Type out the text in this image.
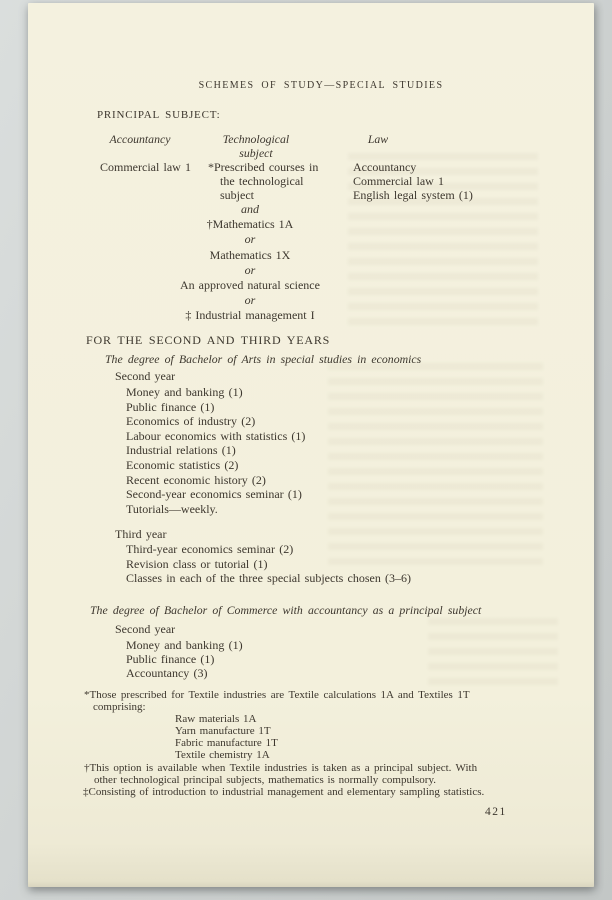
SCHEMES OF STUDY—SPECIAL STUDIES
PRINCIPAL SUBJECT:
Accountancy	Technological
subject
Law
Commercial law 1 *Prescribed courses in
the technological
subject
Accountancy
Commercial law 1
English legal system (1)
and
†Mathematics 1A
or
Mathematics 1X
or
An approved natural science
or
‡ Industrial management I
FOR THE SECOND AND THIRD YEARS
The degree of Bachelor of Arts in special studies in economics
Second year
Money and banking (1)
Public finance (1)
Economics of industry (2)
Labour economics with statistics (1)
Industrial relations (1)
Economic statistics (2)
Recent economic history (2)
Second-year economics seminar (1)
Tutorials—weekly.
Third year
Third-year economics seminar (2)
Revision class or tutorial (1)
Classes in each of the three special subjects chosen (3–6)
The degree of Bachelor of Commerce with accountancy as a principal subject
Second year
Money and banking (1)
Public finance (1)
Accountancy (3)
*Those prescribed for Textile industries are Textile calculations 1A and Textiles 1T
comprising:
Raw materials 1A
Yarn manufacture 1T
Fabric manufacture 1T
Textile chemistry 1A
†This option is available when Textile industries is taken as a principal subject. With
other technological principal subjects, mathematics is normally compulsory.
‡Consisting of introduction to industrial management and elementary sampling statistics.
421
